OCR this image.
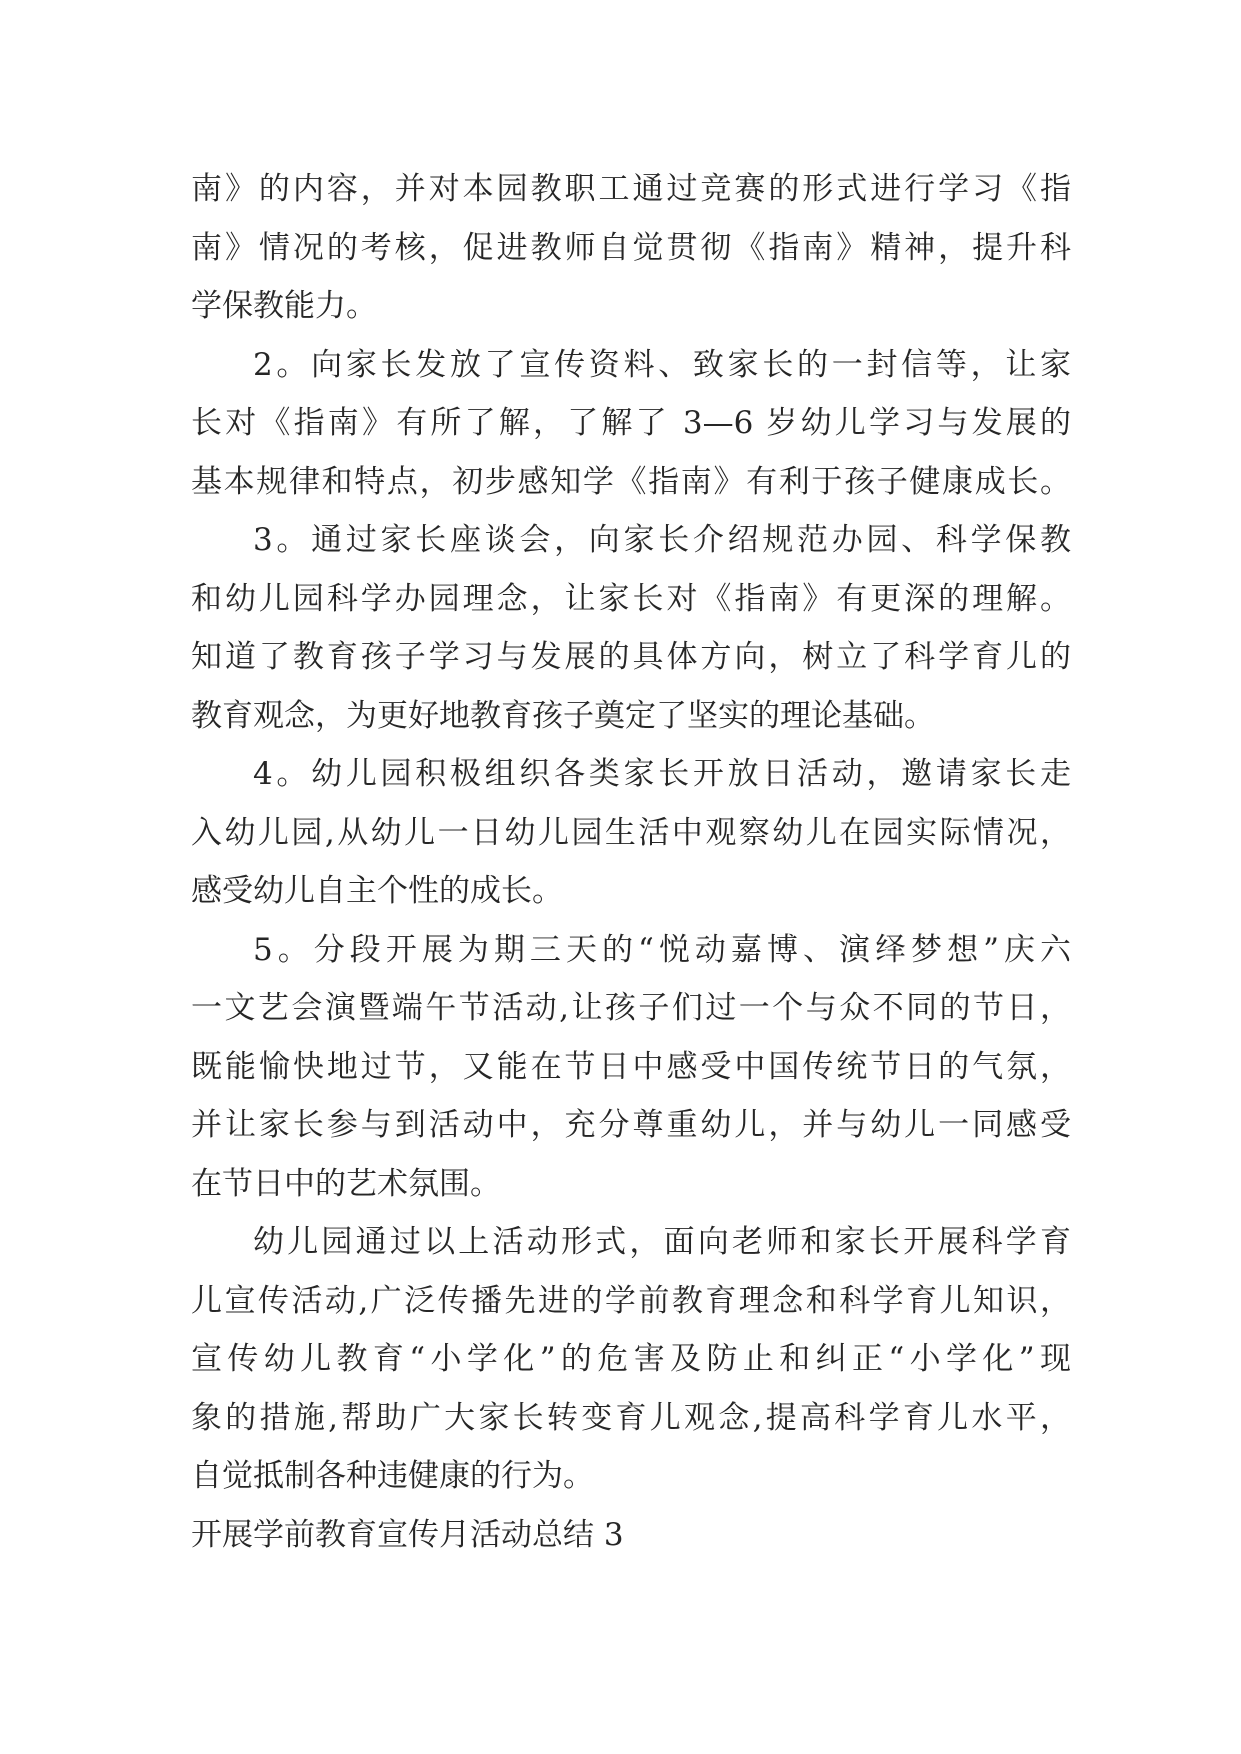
南》的内容，并对本园教职工通过竞赛的形式进行学习《指
南》情况的考核，促进教师自觉贯彻《指南》精神，提升科
学保教能力。
2。向家长发放了宣传资料、致家长的一封信等，让家
长对《指南》有所了解，了解了 3—6 岁幼儿学习与发展的
基本规律和特点，初步感知学《指南》有利于孩子健康成长。
3。通过家长座谈会，向家长介绍规范办园、科学保教
和幼儿园科学办园理念，让家长对《指南》有更深的理解。
知道了教育孩子学习与发展的具体方向，树立了科学育儿的
教育观念，为更好地教育孩子奠定了坚实的理论基础。
4。幼儿园积极组织各类家长开放日活动，邀请家长走
入幼儿园,从幼儿一日幼儿园生活中观察幼儿在园实际情况，
感受幼儿自主个性的成长。
5。分段开展为期三天的“悦动嘉博、演绎梦想”庆六
一文艺会演暨端午节活动,让孩子们过一个与众不同的节日，
既能愉快地过节，又能在节日中感受中国传统节日的气氛，
并让家长参与到活动中，充分尊重幼儿，并与幼儿一同感受
在节日中的艺术氛围。
幼儿园通过以上活动形式，面向老师和家长开展科学育
儿宣传活动,广泛传播先进的学前教育理念和科学育儿知识，
宣传幼儿教育“小学化”的危害及防止和纠正“小学化”现
象的措施,帮助广大家长转变育儿观念,提高科学育儿水平，
自觉抵制各种违健康的行为。
开展学前教育宣传月活动总结 3
